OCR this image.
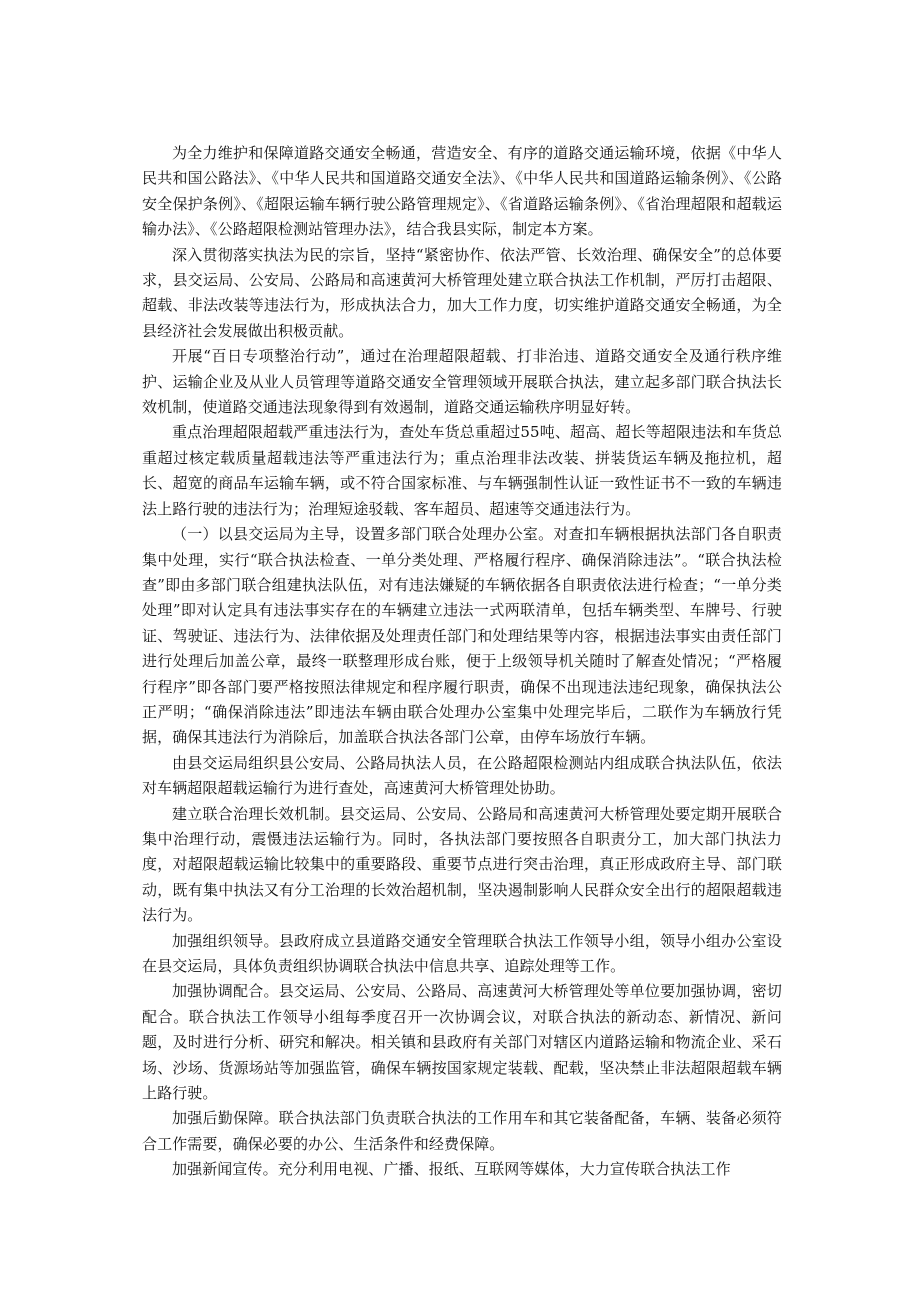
为全力维护和保障道路交通安全畅通，营造安全、有序的道路交通运输环境，依据《中华人民共和国公路法》、《中华人民共和国道路交通安全法》、《中华人民共和国道路运输条例》、《公路安全保护条例》、《超限运输车辆行驶公路管理规定》、《省道路运输条例》、《省治理超限和超载运输办法》、《公路超限检测站管理办法》，结合我县实际，制定本方案。

深入贯彻落实执法为民的宗旨，坚持“紧密协作、依法严管、长效治理、确保安全”的总体要求，县交运局、公安局、公路局和高速黄河大桥管理处建立联合执法工作机制，严厉打击超限、超载、非法改装等违法行为，形成执法合力，加大工作力度，切实维护道路交通安全畅通，为全县经济社会发展做出积极贡献。

开展“百日专项整治行动”，通过在治理超限超载、打非治违、道路交通安全及通行秩序维护、运输企业及从业人员管理等道路交通安全管理领域开展联合执法，建立起多部门联合执法长效机制，使道路交通违法现象得到有效遏制，道路交通运输秩序明显好转。

重点治理超限超载严重违法行为，查处车货总重超过55吨、超高、超长等超限违法和车货总重超过核定载质量超载违法等严重违法行为；重点治理非法改装、拼装货运车辆及拖拉机，超长、超宽的商品车运输车辆，或不符合国家标准、与车辆强制性认证一致性证书不一致的车辆违法上路行驶的违法行为；治理短途驳载、客车超员、超速等交通违法行为。

（一）以县交运局为主导，设置多部门联合处理办公室。对查扣车辆根据执法部门各自职责集中处理，实行“联合执法检查、一单分类处理、严格履行程序、确保消除违法”。“联合执法检查”即由多部门联合组建执法队伍，对有违法嫌疑的车辆依据各自职责依法进行检查；“一单分类处理”即对认定具有违法事实存在的车辆建立违法一式两联清单，包括车辆类型、车牌号、行驶证、驾驶证、违法行为、法律依据及处理责任部门和处理结果等内容，根据违法事实由责任部门进行处理后加盖公章，最终一联整理形成台账，便于上级领导机关随时了解查处情况；“严格履行程序”即各部门要严格按照法律规定和程序履行职责，确保不出现违法违纪现象，确保执法公正严明；“确保消除违法”即违法车辆由联合处理办公室集中处理完毕后，二联作为车辆放行凭据，确保其违法行为消除后，加盖联合执法各部门公章，由停车场放行车辆。

由县交运局组织县公安局、公路局执法人员，在公路超限检测站内组成联合执法队伍，依法对车辆超限超载运输行为进行查处，高速黄河大桥管理处协助。

建立联合治理长效机制。县交运局、公安局、公路局和高速黄河大桥管理处要定期开展联合集中治理行动，震慑违法运输行为。同时，各执法部门要按照各自职责分工，加大部门执法力度，对超限超载运输比较集中的重要路段、重要节点进行突击治理，真正形成政府主导、部门联动，既有集中执法又有分工治理的长效治超机制，坚决遏制影响人民群众安全出行的超限超载违法行为。

加强组织领导。县政府成立县道路交通安全管理联合执法工作领导小组，领导小组办公室设在县交运局，具体负责组织协调联合执法中信息共享、追踪处理等工作。

加强协调配合。县交运局、公安局、公路局、高速黄河大桥管理处等单位要加强协调，密切配合。联合执法工作领导小组每季度召开一次协调会议，对联合执法的新动态、新情况、新问题，及时进行分析、研究和解决。相关镇和县政府有关部门对辖区内道路运输和物流企业、采石场、沙场、货源场站等加强监管，确保车辆按国家规定装载、配载，坚决禁止非法超限超载车辆上路行驶。

加强后勤保障。联合执法部门负责联合执法的工作用车和其它装备配备，车辆、装备必须符合工作需要，确保必要的办公、生活条件和经费保障。

加强新闻宣传。充分利用电视、广播、报纸、互联网等媒体，大力宣传联合执法工作
